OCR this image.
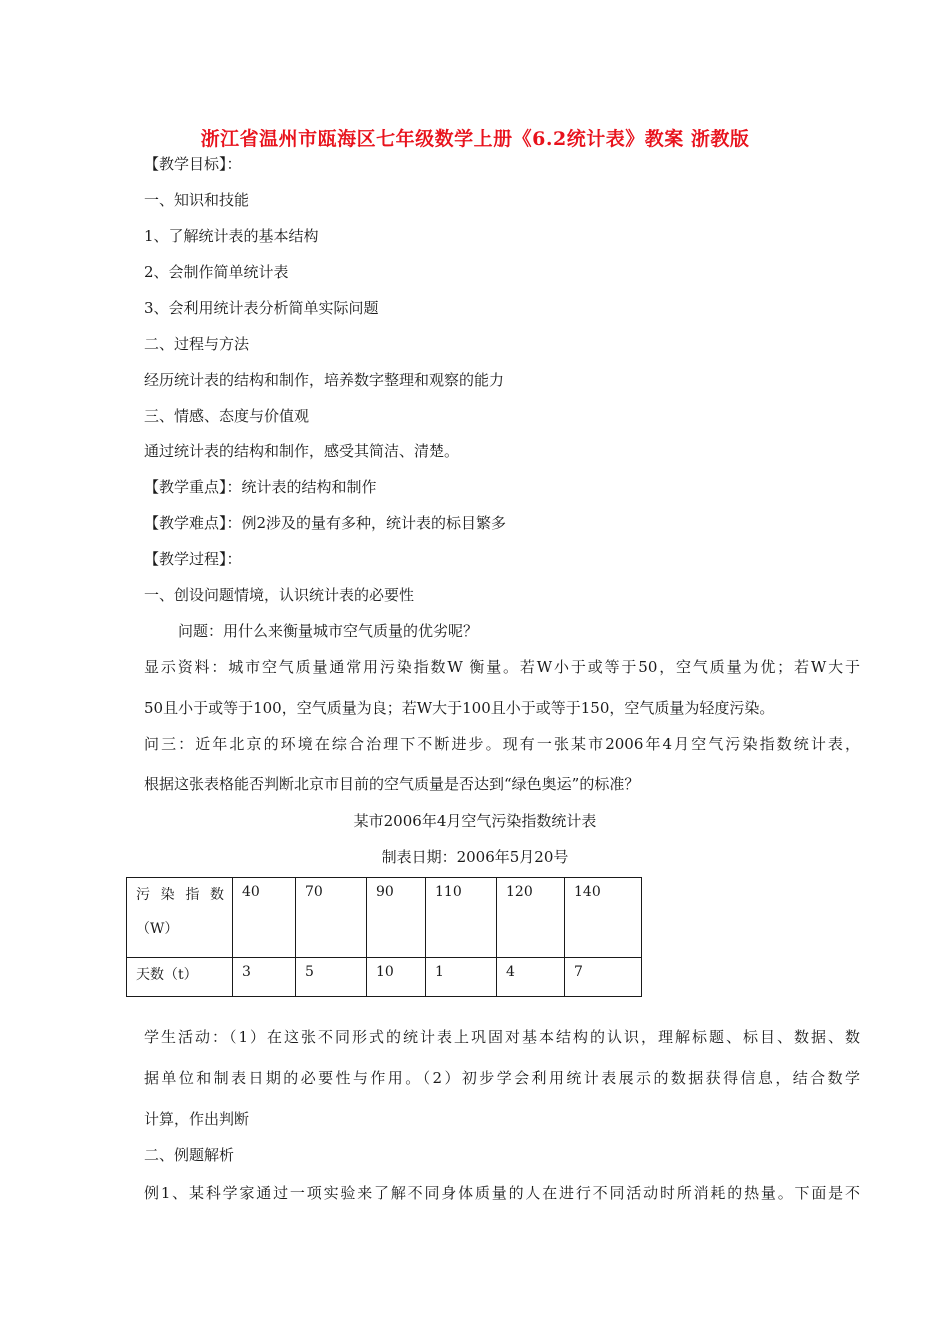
浙江省温州市瓯海区七年级数学上册《6.2统计表》教案 浙教版
【教学目标】：
一、知识和技能
1、了解统计表的基本结构
2、会制作简单统计表
3、会利用统计表分析简单实际问题
二、过程与方法
经历统计表的结构和制作，培养数字整理和观察的能力
三、情感、态度与价值观
通过统计表的结构和制作，感受其简洁、清楚。
【教学重点】：统计表的结构和制作
【教学难点】：例2涉及的量有多种，统计表的标目繁多
【教学过程】：
一、创设问题情境，认识统计表的必要性
问题：用什么来衡量城市空气质量的优劣呢？
显示资料：城市空气质量通常用污染指数W 衡量。若W小于或等于50，空气质量为优；若W大于
50且小于或等于100，空气质量为良；若W大于100且小于或等于150，空气质量为轻度污染。
问三：近年北京的环境在综合治理下不断进步。现有一张某市2006年4月空气污染指数统计表，
根据这张表格能否判断北京市目前的空气质量是否达到“绿色奥运”的标准？
某市2006年4月空气污染指数统计表
制表日期：2006年5月20号
污染指数
（W）	40	70	90	110	120	140
天数（t）	3	5	10	1	4	7
学生活动：（1）在这张不同形式的统计表上巩固对基本结构的认识，理解标题、标目、数据、数
据单位和制表日期的必要性与作用。（2）初步学会利用统计表展示的数据获得信息，结合数学
计算，作出判断
二、例题解析
例1、某科学家通过一项实验来了解不同身体质量的人在进行不同活动时所消耗的热量。下面是不
